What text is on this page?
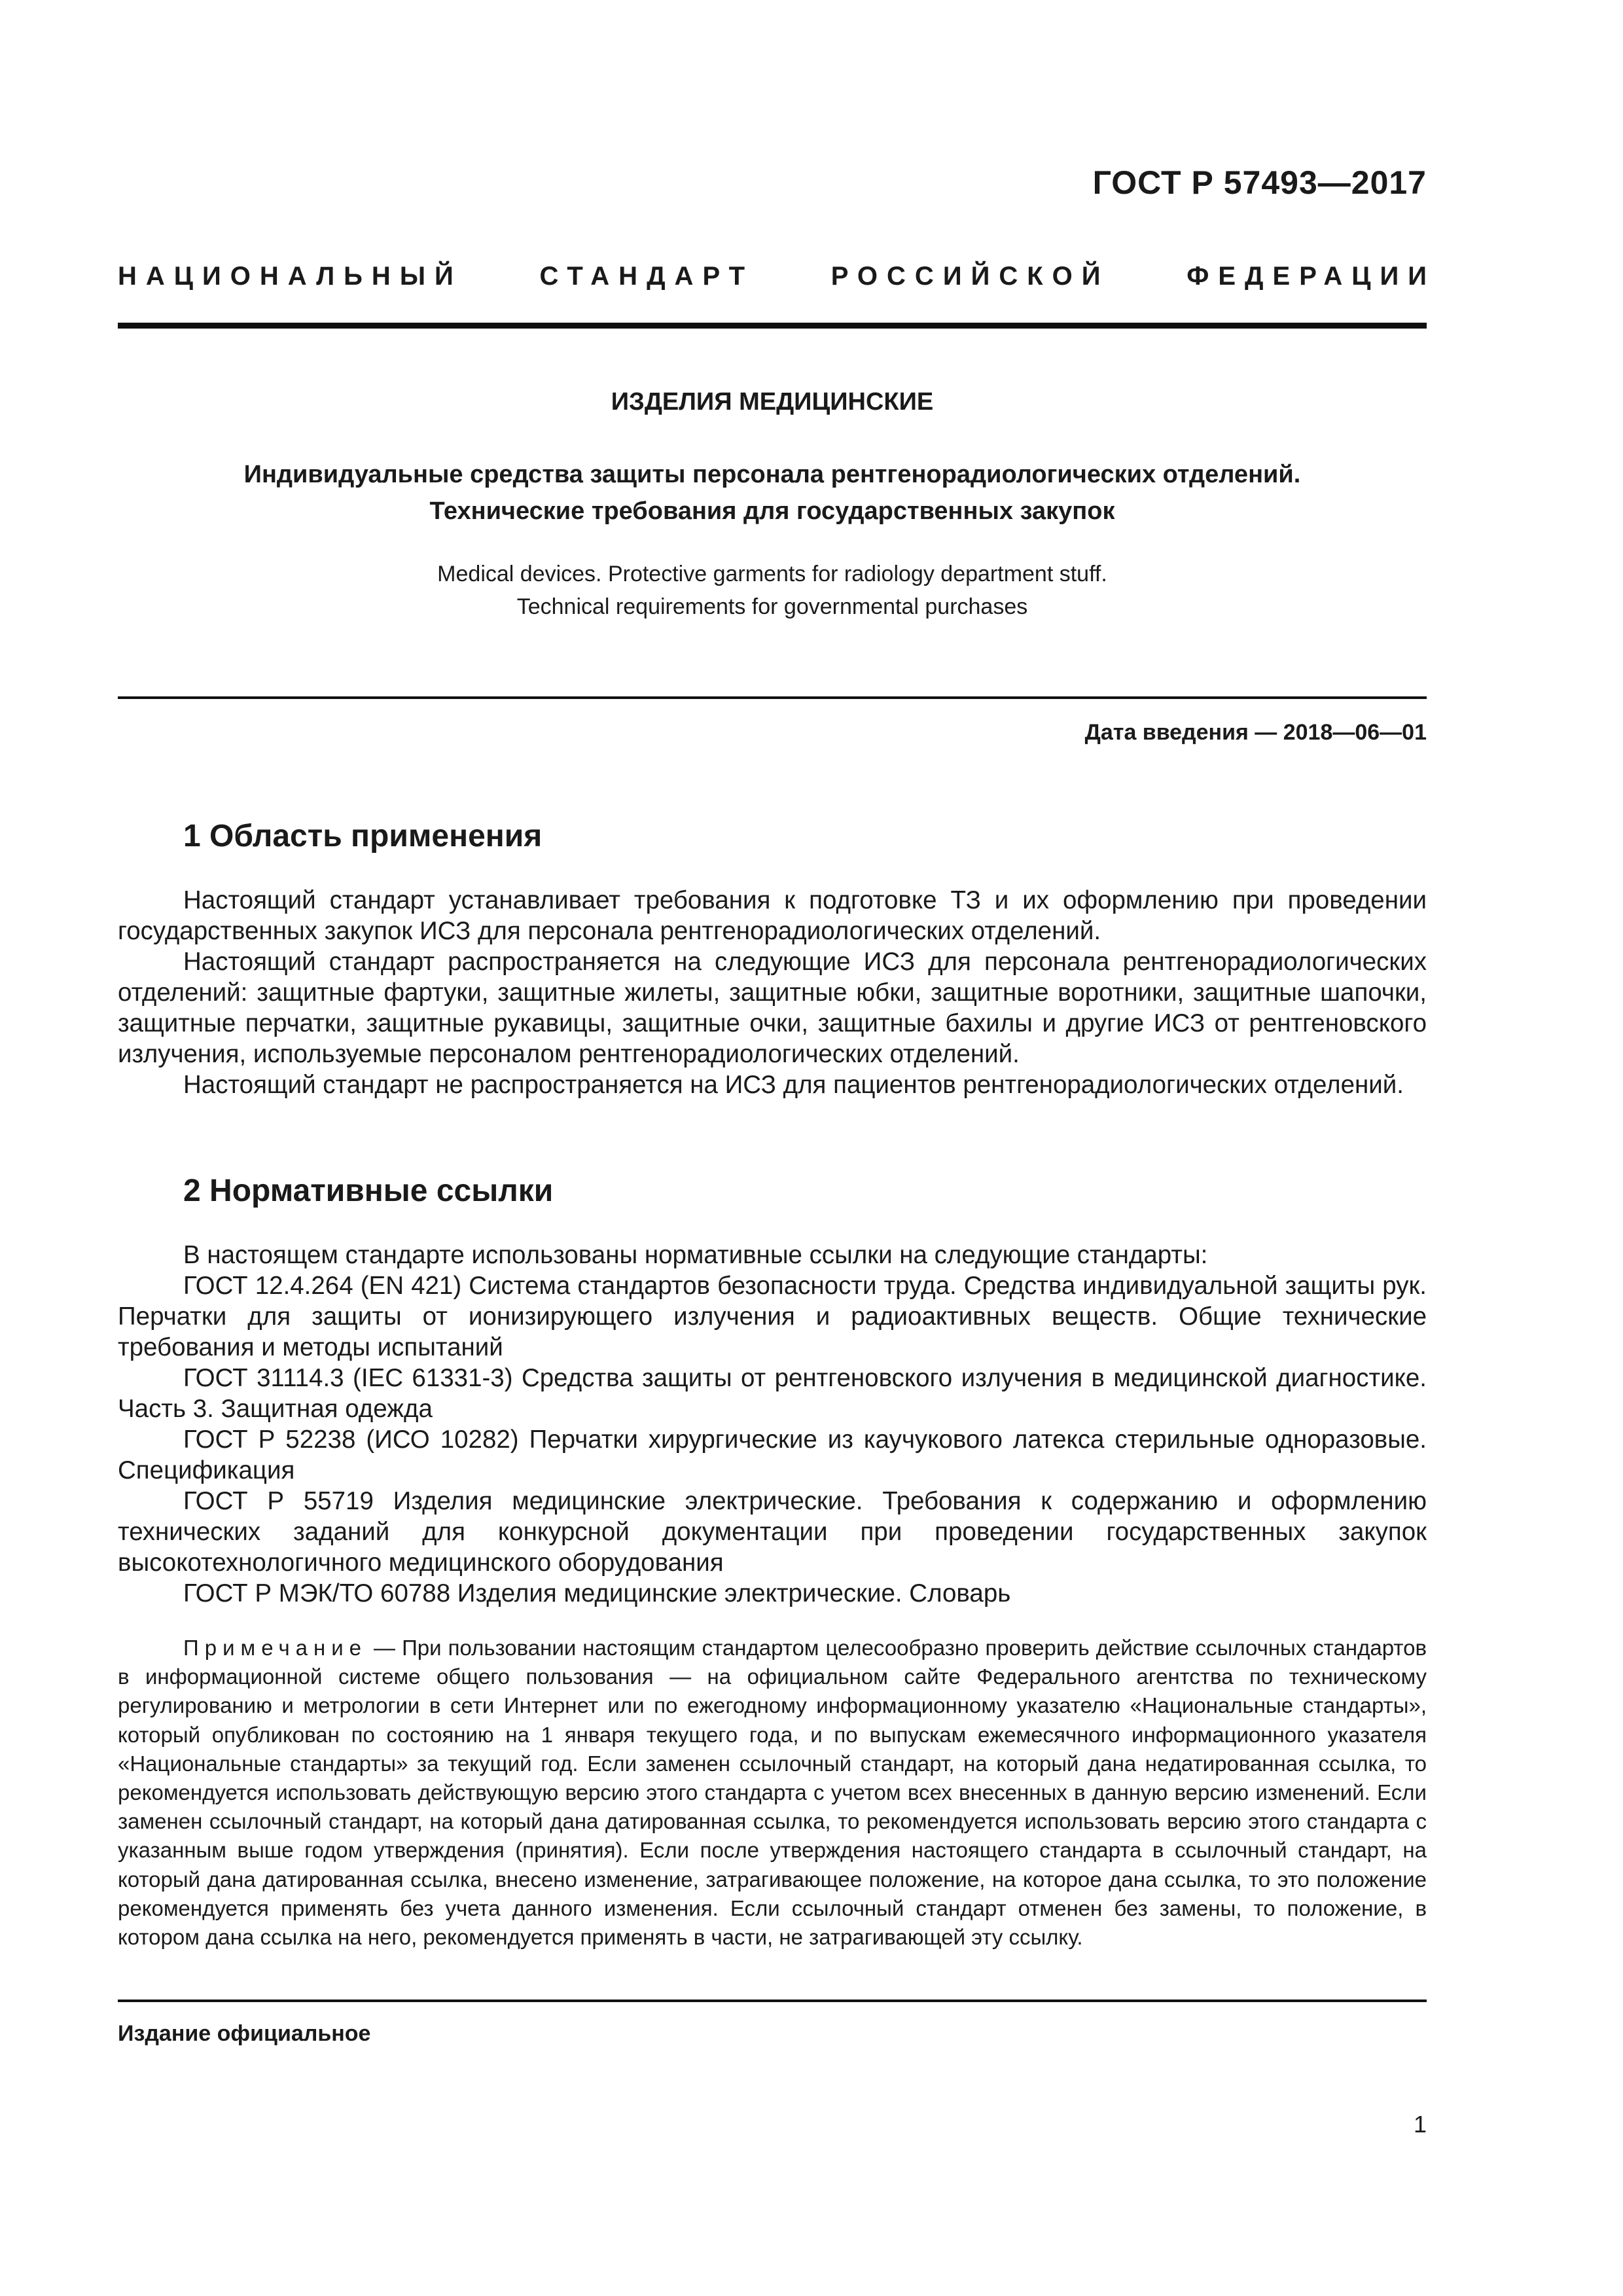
ГОСТ Р 57493—2017
НАЦИОНАЛЬНЫЙ	СТАНДАРТ	РОССИЙСКОЙ	ФЕДЕРАЦИИ
ИЗДЕЛИЯ МЕДИЦИНСКИЕ
Индивидуальные средства защиты персонала рентгенорадиологических отделений.
Технические требования для государственных закупок
Medical devices. Protective garments for radiology department stuff.
Technical requirements for governmental purchases
Дата введения — 2018—06—01
1 Область применения

Настоящий стандарт устанавливает требования к подготовке ТЗ и их оформлению при проведении государственных закупок ИСЗ для персонала рентгенорадиологических отделений.

Настоящий стандарт распространяется на следующие ИСЗ для персонала рентгенорадиологических отделений: защитные фартуки, защитные жилеты, защитные юбки, защитные воротники, защитные шапочки, защитные перчатки, защитные рукавицы, защитные очки, защитные бахилы и другие ИСЗ от рентгеновского излучения, используемые персоналом рентгенорадиологических отделений.

Настоящий стандарт не распространяется на ИСЗ для пациентов рентгенорадиологических отделений.

2 Нормативные ссылки

В настоящем стандарте использованы нормативные ссылки на следующие стандарты:

ГОСТ 12.4.264 (EN 421) Система стандартов безопасности труда. Средства индивидуальной защиты рук. Перчатки для защиты от ионизирующего излучения и радиоактивных веществ. Общие технические требования и методы испытаний

ГОСТ 31114.3 (IEC 61331-3) Средства защиты от рентгеновского излучения в медицинской диагностике. Часть 3. Защитная одежда

ГОСТ Р 52238 (ИСО 10282) Перчатки хирургические из каучукового латекса стерильные одноразовые. Спецификация

ГОСТ Р 55719 Изделия медицинские электрические. Требования к содержанию и оформлению технических заданий для конкурсной документации при проведении государственных закупок высокотехнологичного медицинского оборудования

ГОСТ Р МЭК/ТО 60788 Изделия медицинские электрические. Словарь

Примечание — При пользовании настоящим стандартом целесообразно проверить действие ссылочных стандартов в информационной системе общего пользования — на официальном сайте Федерального агентства по техническому регулированию и метрологии в сети Интернет или по ежегодному информационному указателю «Национальные стандарты», который опубликован по состоянию на 1 января текущего года, и по выпускам ежемесячного информационного указателя «Национальные стандарты» за текущий год. Если заменен ссылочный стандарт, на который дана недатированная ссылка, то рекомендуется использовать действующую версию этого стандарта с учетом всех внесенных в данную версию изменений. Если заменен ссылочный стандарт, на который дана датированная ссылка, то рекомендуется использовать версию этого стандарта с указанным выше годом утверждения (принятия). Если после утверждения настоящего стандарта в ссылочный стандарт, на который дана датированная ссылка, внесено изменение, затрагивающее положение, на которое дана ссылка, то это положение рекомендуется применять без учета данного изменения. Если ссылочный стандарт отменен без замены, то положение, в котором дана ссылка на него, рекомендуется применять в части, не затрагивающей эту ссылку.

Издание официальное
1
